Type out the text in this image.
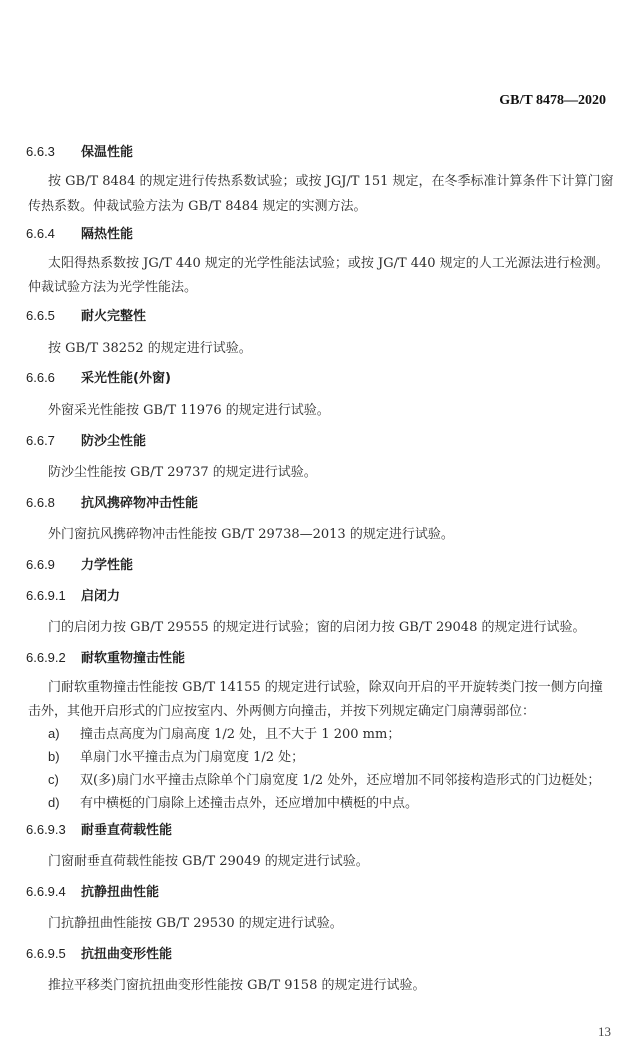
GB/T 8478—2020
6.6.3 保温性能
按 GB/T 8484 的规定进行传热系数试验；或按 JGJ/T 151 规定，在冬季标准计算条件下计算门窗
传热系数。仲裁试验方法为 GB/T 8484 规定的实测方法。
6.6.4 隔热性能
太阳得热系数按 JG/T 440 规定的光学性能法试验；或按 JG/T 440 规定的人工光源法进行检测。
仲裁试验方法为光学性能法。
6.6.5 耐火完整性
按 GB/T 38252 的规定进行试验。
6.6.6 采光性能(外窗)
外窗采光性能按 GB/T 11976 的规定进行试验。
6.6.7 防沙尘性能
防沙尘性能按 GB/T 29737 的规定进行试验。
6.6.8 抗风携碎物冲击性能
外门窗抗风携碎物冲击性能按 GB/T 29738—2013 的规定进行试验。
6.6.9 力学性能
6.6.9.1 启闭力
门的启闭力按 GB/T 29555 的规定进行试验；窗的启闭力按 GB/T 29048 的规定进行试验。
6.6.9.2 耐软重物撞击性能
门耐软重物撞击性能按 GB/T 14155 的规定进行试验，除双向开启的平开旋转类门按一侧方向撞
击外，其他开启形式的门应按室内、外两侧方向撞击，并按下列规定确定门扇薄弱部位：
a) 撞击点高度为门扇高度 1/2 处，且不大于 1 200 mm；
b) 单扇门水平撞击点为门扇宽度 1/2 处；
c) 双(多)扇门水平撞击点除单个门扇宽度 1/2 处外，还应增加不同邻接构造形式的门边梃处；
d) 有中横梃的门扇除上述撞击点外，还应增加中横梃的中点。
6.6.9.3 耐垂直荷载性能
门窗耐垂直荷载性能按 GB/T 29049 的规定进行试验。
6.6.9.4 抗静扭曲性能
门抗静扭曲性能按 GB/T 29530 的规定进行试验。
6.6.9.5 抗扭曲变形性能
推拉平移类门窗抗扭曲变形性能按 GB/T 9158 的规定进行试验。
13
